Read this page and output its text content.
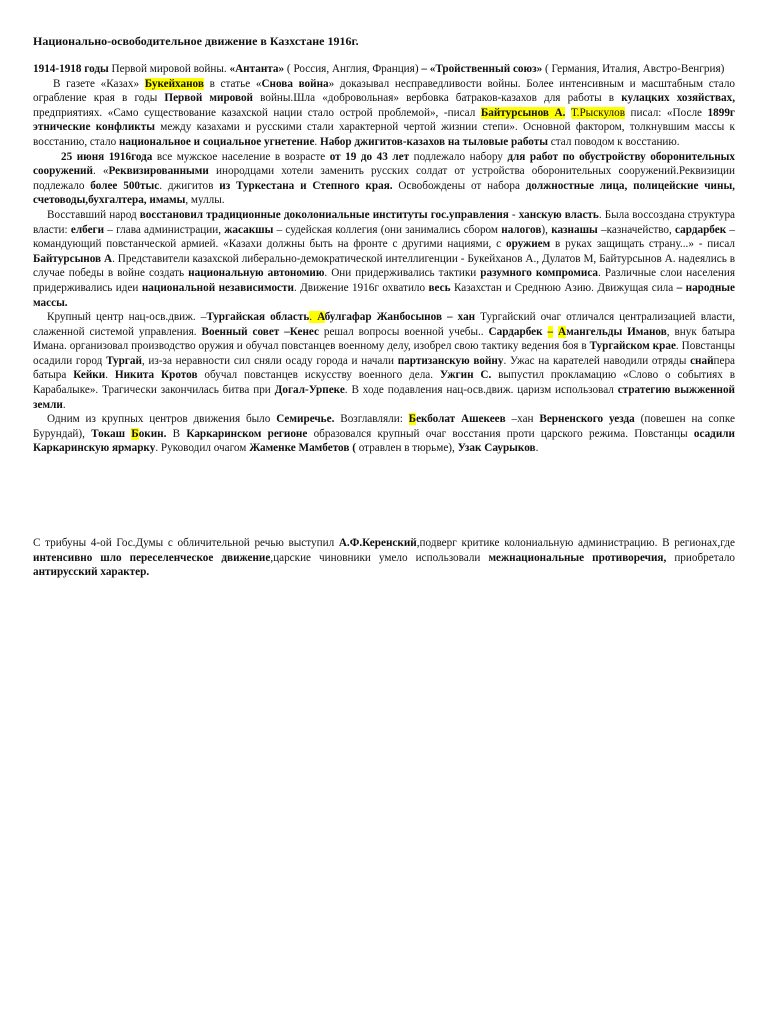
Национально-освободительное движение в Казхстане 1916г.

1914-1918 годы Первой мировой войны. «Антанта» ( Россия, Англия, Франция) – «Тройственный союз» ( Германия, Италия, Австро-Венгрия)

В газете «Казах» Букейханов в статье «Снова война» доказывал несправедливости войны. Более интенсивным и масштабным стало ограбление края в годы Первой мировой войны.Шла «добровольная» вербовка батраков-казахов для работы в кулацких хозяйствах, предприятиях. «Само существование казахской нации стало острой проблемой», -писал Байтурсынов А. Т.Рыскулов писал: «После 1899г этнические конфликты между казахами и русскими стали характерной чертой жизнии степи». Основной фактором, толкнувшим массы к восстанию, стало национальное и социальное угнетение. Набор джигитов-казахов на тыловые работы стал поводом к восстанию.

25 июня 1916года все мужское население в возрасте от 19 до 43 лет подлежало набору для работ по обустройству оборонительных сооружений. «Реквизированными инородцами хотели заменить русских солдат от устройства оборонительных сооружений.Реквизиции подлежало более 500тыс. джигитов из Туркестана и Степного края. Освобождены от набора должностные лица, полицейские чины, счетоводы,бухгалтера, имамы, муллы.

Восставший народ восстановил традиционные доколониальные институты гос.управления - ханскую власть. Была воссоздана структура власти: елбеги – глава администрации, жасакшы – судейская коллегия (они занимались сбором налогов), казнашы –казначейство, сардарбек – командующий повстанческой армией. «Казахи должны быть на фронте с другими нациями, с оружием в руках защищать страну...» - писал Байтурсынов А. Представители казахской либерально-демократической интеллигенции - Букейханов А., Дулатов М, Байтурсынов А. надеялись в случае победы в войне создать национальную автономию. Они придерживались тактики разумного компромиса. Различные слои населения придерживались идеи национальной независимости. Движение 1916г охватило весь Казахстан и Среднюю Азию. Движущая сила – народные массы.

Крупный центр нац-осв.движ. –Тургайская область. Абулгафар Жанбосынов – хан Тургайский очаг отличался централизацией власти, слаженной системой управления. Военный совет –Кенес решал вопросы военной учебы.. Сардарбек – Амангельды Иманов, внук батыра Имана. организовал производство оружия и обучал повстанцев военному делу, изобрел свою тактику ведения боя в Тургайском крае. Повстанцы осадили город Тургай, из-за неравности сил сняли осаду города и начали партизанскую войну. Ужас на карателей наводили отряды снайпера батыра Кейки. Никита Кротов обучал повстанцев искусству военного дела. Ужгин С. выпустил прокламацию «Слово о событиях в Карабалыке». Трагически закончилась битва при Догал-Урпеке. В ходе подавления нац-осв.движ. царизм использовал стратегию выжженной земли.

Одним из крупных центров движения было Семиречье. Возглавляли: Бекболат Ашекеев –хан Верненского уезда (повешен на сопке Бурундай), Токаш Бокин. В Каркаринском регионе образовался крупный очаг восстания проти царского режима. Повстанцы осадили Каркаринскую ярмарку. Руководил очагом Жаменке Мамбетов ( отравлен в тюрьме), Узак Саурыков.

С трибуны 4-ой Гос.Думы с обличительной речью выступил А.Ф.Керенский,подверг критике колониальную администрацию. В регионах,где интенсивно шло переселенческое движение,царские чиновники умело использовали межнациональные противоречия, приобретало антирусский характер.
